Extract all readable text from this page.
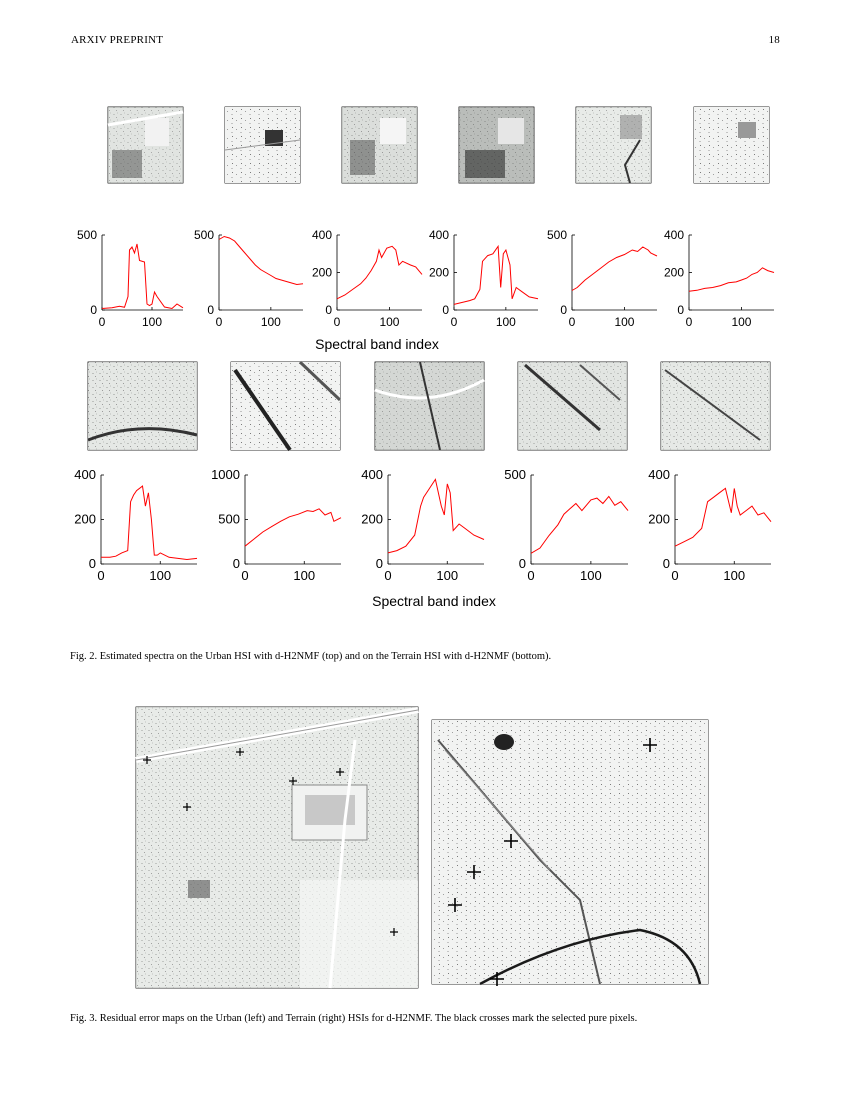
ARXIV PREPRINT	18
0
500
0	100
0
500
0	100
0
200
400
0	100
0
200
400
0	100
0
500
0	100
0
200
400
0	100
0
200
400
0	100
0
500
1000
0	100
0
200
400
0	100
0
500
0	100
0
200
400
0	100
Spectral band index
Spectral band index
Fig. 2. Estimated spectra on the Urban HSI with d-H2NMF (top) and on the Terrain HSI with d-H2NMF (bottom).
Fig. 3. Residual error maps on the Urban (left) and Terrain (right) HSIs for d-H2NMF. The black crosses mark the selected pure pixels.
